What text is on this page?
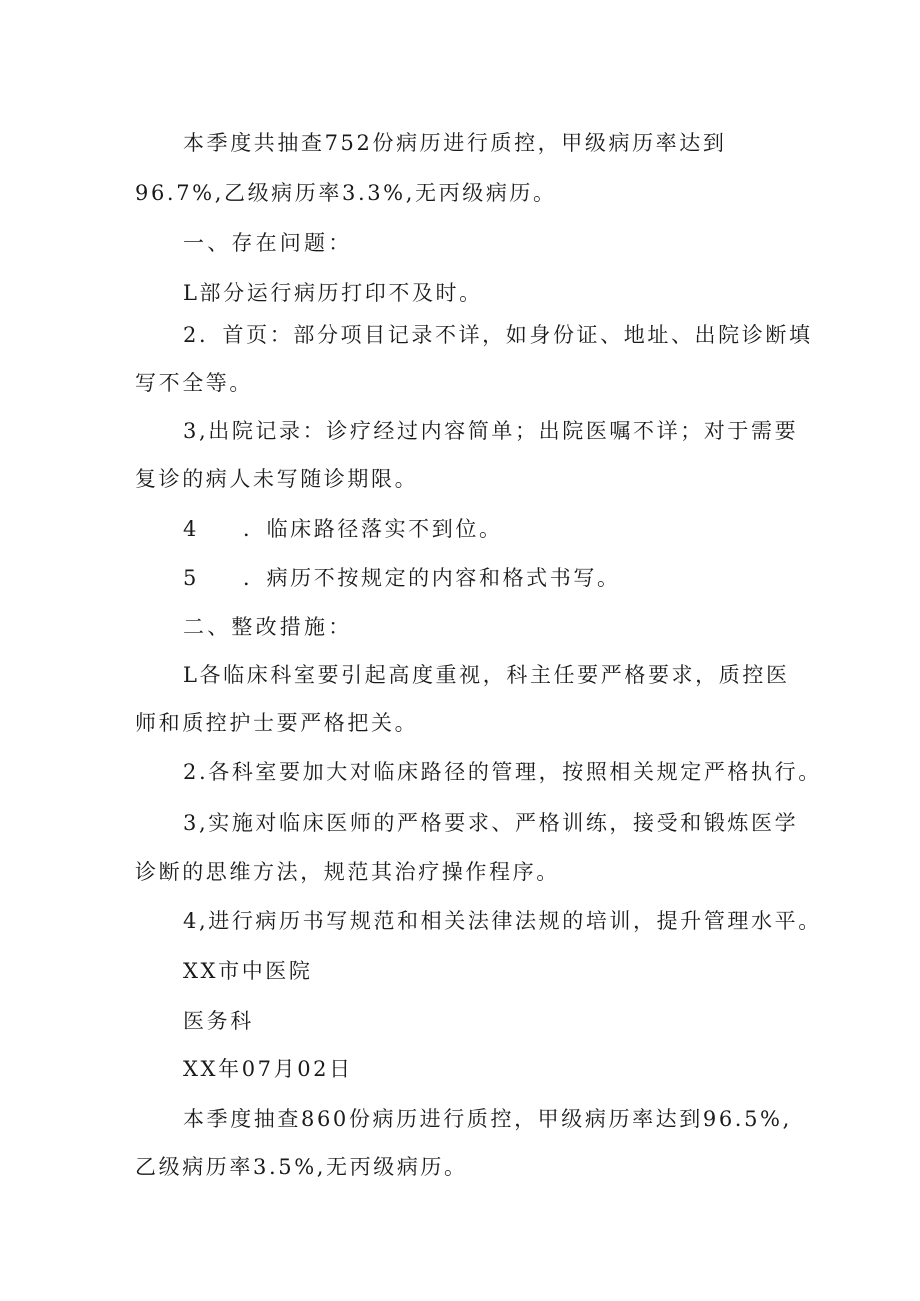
本季度共抽查752份病历进行质控，甲级病历率达到
96.7%,乙级病历率3.3%,无丙级病历。
一、存在问题：
L部分运行病历打印不及时。
2．首页：部分项目记录不详，如身份证、地址、出院诊断填
写不全等。
3,出院记录：诊疗经过内容简单；出院医嘱不详；对于需要
复诊的病人未写随诊期限。
4 ．临床路径落实不到位。
5 ．病历不按规定的内容和格式书写。
二、整改措施：
L各临床科室要引起高度重视，科主任要严格要求，质控医
师和质控护士要严格把关。
2.各科室要加大对临床路径的管理，按照相关规定严格执行。
3,实施对临床医师的严格要求、严格训练，接受和锻炼医学
诊断的思维方法，规范其治疗操作程序。
4,进行病历书写规范和相关法律法规的培训，提升管理水平。
XX市中医院
医务科
XX年07月02日
本季度抽查860份病历进行质控，甲级病历率达到96.5%,
乙级病历率3.5%,无丙级病历。
